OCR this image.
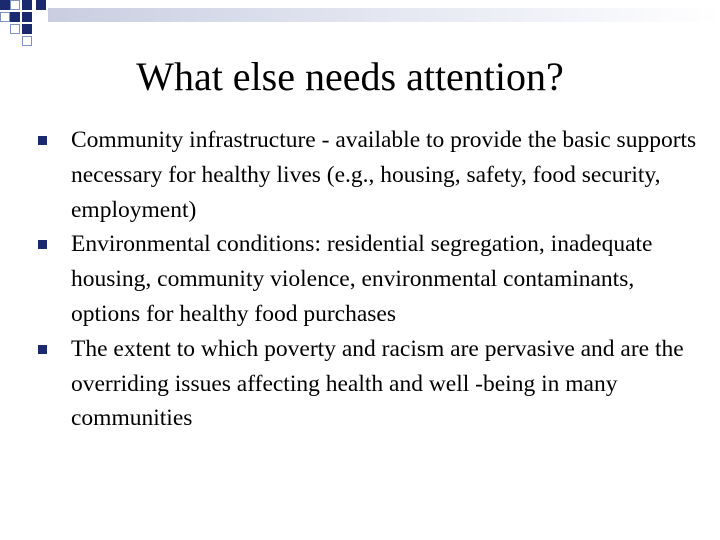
What else needs attention?
Community infrastructure - available to provide the basic supports necessary for healthy lives (e.g., housing, safety, food security, employment)
Environmental conditions: residential segregation, inadequate housing, community violence, environmental contaminants, options for healthy food purchases
The extent to which poverty and racism are pervasive and are the overriding issues affecting health and well -being in many communities
